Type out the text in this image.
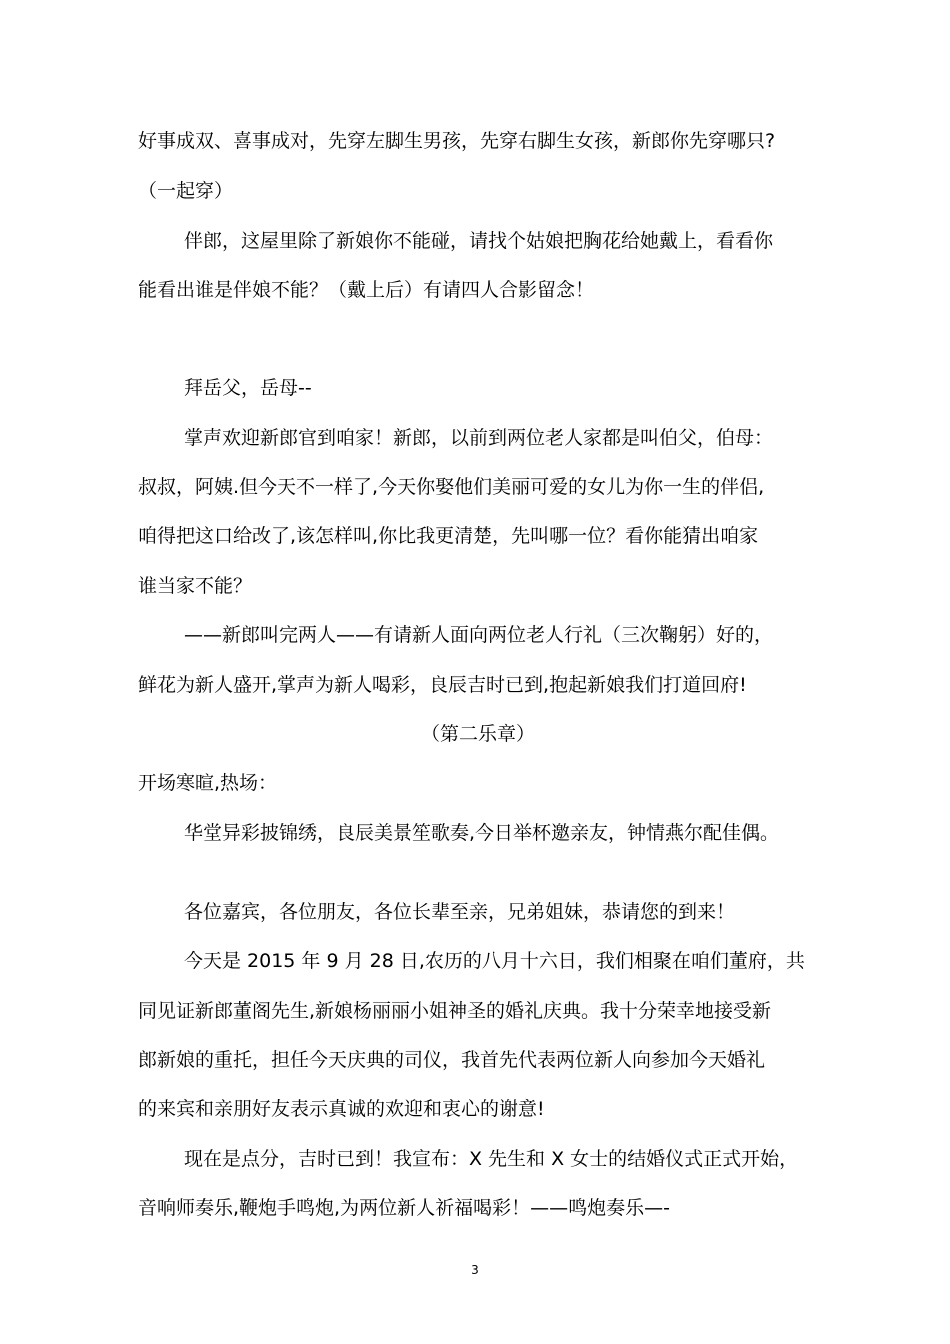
好事成双、喜事成对，先穿左脚生男孩，先穿右脚生女孩，新郎你先穿哪只?
（一起穿）
伴郎，这屋里除了新娘你不能碰，请找个姑娘把胸花给她戴上，看看你
能看出谁是伴娘不能？（戴上后）有请四人合影留念！
拜岳父，岳母--
掌声欢迎新郎官到咱家！新郎，以前到两位老人家都是叫伯父，伯母：
叔叔，阿姨.但今天不一样了,今天你娶他们美丽可爱的女儿为你一生的伴侣,
咱得把这口给改了,该怎样叫,你比我更清楚，先叫哪一位？看你能猜出咱家
谁当家不能？
——新郎叫完两人——有请新人面向两位老人行礼（三次鞠躬）好的，
鲜花为新人盛开,掌声为新人喝彩，良辰吉时已到,抱起新娘我们打道回府!
（第二乐章）
开场寒暄,热场：
华堂异彩披锦绣，良辰美景笙歌奏,今日举杯邀亲友，钟情燕尔配佳偶。
各位嘉宾，各位朋友，各位长辈至亲，兄弟姐妹，恭请您的到来！
今天是 2015 年 9 月 28 日,农历的八月十六日，我们相聚在咱们董府，共
同见证新郎董阁先生,新娘杨丽丽小姐神圣的婚礼庆典。我十分荣幸地接受新
郎新娘的重托，担任今天庆典的司仪，我首先代表两位新人向参加今天婚礼
的来宾和亲朋好友表示真诚的欢迎和衷心的谢意!
现在是点分，吉时已到！我宣布：X 先生和 X 女士的结婚仪式正式开始，
音响师奏乐,鞭炮手鸣炮,为两位新人祈福喝彩！——鸣炮奏乐—-
3
